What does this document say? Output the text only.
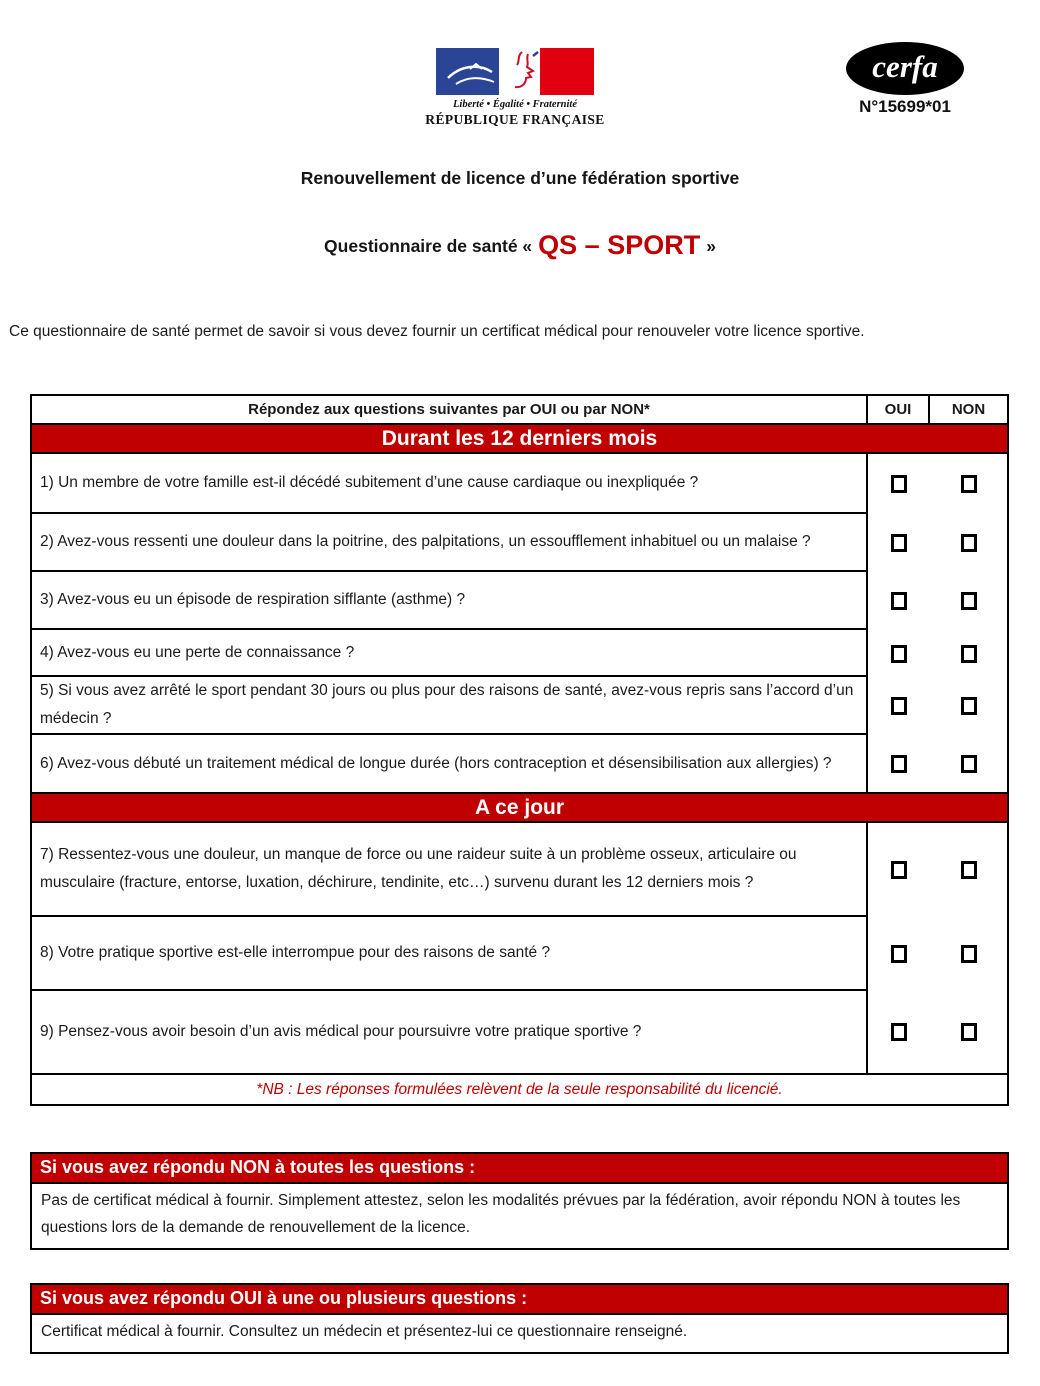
Liberté • Égalité • Fraternité
RÉPUBLIQUE FRANÇAISE
cerfa
N°15699*01
Renouvellement de licence d’une fédération sportive
Questionnaire de santé « QS – SPORT »
Ce questionnaire de santé permet de savoir si vous devez fournir un certificat médical pour renouveler votre licence sportive.
Répondez aux questions suivantes par OUI ou par NON*	OUI	NON
Durant les 12 derniers mois
1) Un membre de votre famille est-il décédé subitement d’une cause cardiaque ou inexpliquée ?
2) Avez-vous ressenti une douleur dans la poitrine, des palpitations, un essoufflement inhabituel ou un malaise ?
3) Avez-vous eu un épisode de respiration sifflante (asthme) ?
4) Avez-vous eu une perte de connaissance ?
5) Si vous avez arrêté le sport pendant 30 jours ou plus pour des raisons de santé, avez-vous repris sans l’accord d’un médecin ?
6) Avez-vous débuté un traitement médical de longue durée (hors contraception et désensibilisation aux allergies) ?
A ce jour
7) Ressentez-vous une douleur, un manque de force ou une raideur suite à un problème osseux, articulaire ou musculaire (fracture, entorse, luxation, déchirure, tendinite, etc…) survenu durant les 12 derniers mois ?
8) Votre pratique sportive est-elle interrompue pour des raisons de santé ?
9) Pensez-vous avoir besoin d’un avis médical pour poursuivre votre pratique sportive ?
*NB : Les réponses formulées relèvent de la seule responsabilité du licencié.
Si vous avez répondu NON à toutes les questions :
Pas de certificat médical à fournir. Simplement attestez, selon les modalités prévues par la fédération, avoir répondu NON à toutes les questions lors de la demande de renouvellement de la licence.
Si vous avez répondu OUI à une ou plusieurs questions :
Certificat médical à fournir. Consultez un médecin et présentez-lui ce questionnaire renseigné.
